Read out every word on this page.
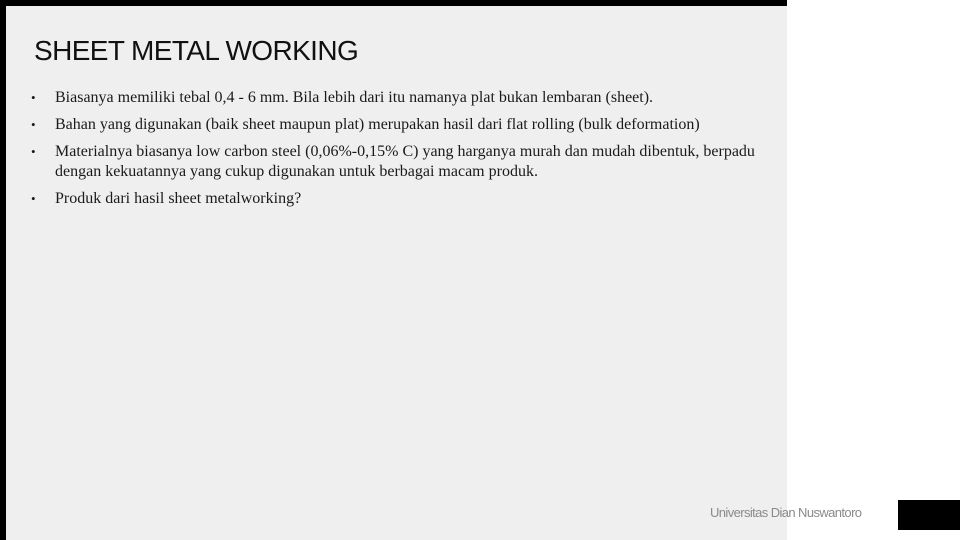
SHEET METAL WORKING
• Biasanya memiliki tebal 0,4 - 6 mm. Bila lebih dari itu namanya plat bukan lembaran (sheet).
• Bahan yang digunakan (baik sheet maupun plat) merupakan hasil dari flat rolling (bulk deformation)
• Materialnya biasanya low carbon steel (0,06%-0,15% C) yang harganya murah dan mudah dibentuk, berpadu dengan kekuatannya yang cukup digunakan untuk berbagai macam produk.
• Produk dari hasil sheet metalworking?
Universitas Dian Nuswantoro
